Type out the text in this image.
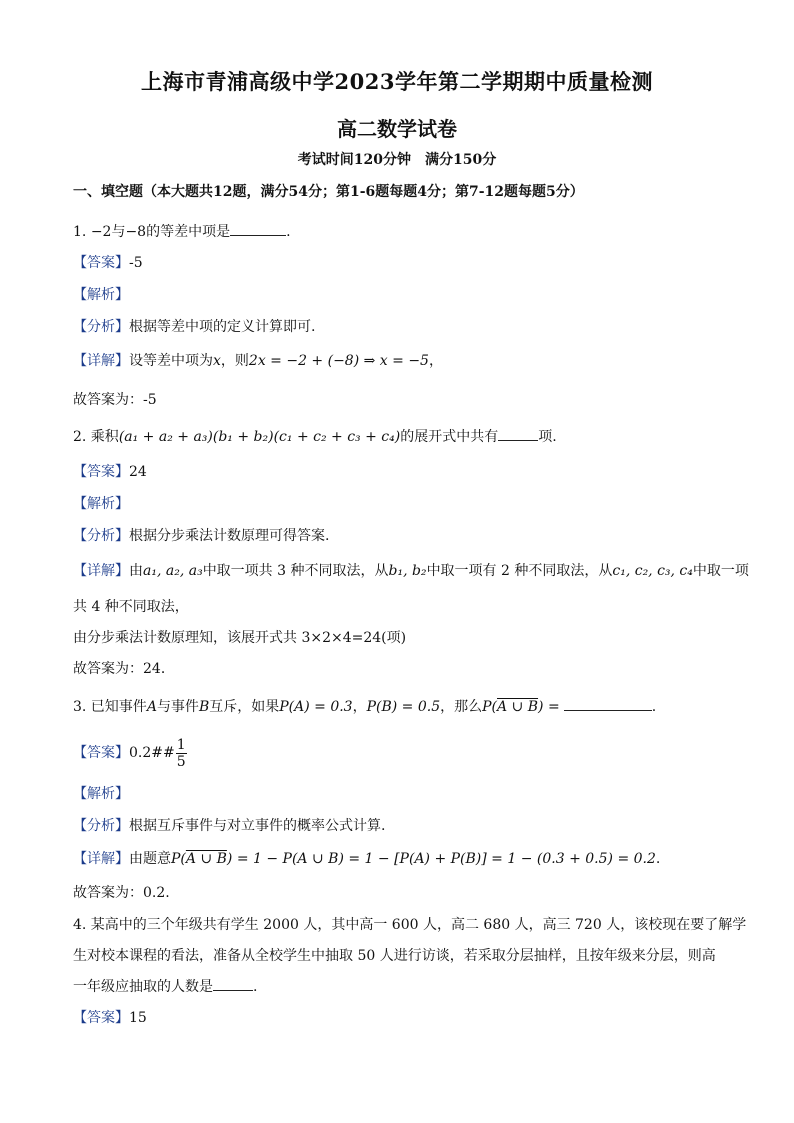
上海市青浦高级中学2023学年第二学期期中质量检测
高二数学试卷
考试时间120分钟　满分150分
一、填空题（本大题共12题，满分54分；第1-6题每题4分；第7-12题每题5分）
1. −2与−8的等差中项是	.
【答案】-5
【解析】
【分析】根据等差中项的定义计算即可.
【详解】设等差中项为x，则2x = −2 + (−8) ⇒ x = −5，
故答案为：-5
2. 乘积(a₁ + a₂ + a₃)(b₁ + b₂)(c₁ + c₂ + c₃ + c₄)的展开式中共有	项.
【答案】24
【解析】
【分析】根据分步乘法计数原理可得答案.
【详解】由a₁, a₂, a₃中取一项共 3 种不同取法，从b₁, b₂中取一项有 2 种不同取法，从c₁, c₂, c₃, c₄中取一项
共 4 种不同取法，
由分步乘法计数原理知，该展开式共 3×2×4=24(项)
故答案为：24．
3. 已知事件A与事件B互斥，如果P(A) = 0.3，P(B) = 0.5，那么P(A ∪ B) =	.
【答案】0.2## $\frac{1}{5}$
【解析】
【分析】根据互斥事件与对立事件的概率公式计算.
【详解】由题意P(A ∪ B) = 1 − P(A ∪ B) = 1 − [P(A) + P(B)] = 1 − (0.3 + 0.5) = 0.2.
故答案为：0.2.
4. 某高中的三个年级共有学生 2000 人，其中高一 600 人，高二 680 人，高三 720 人，该校现在要了解学
生对校本课程的看法，准备从全校学生中抽取 50 人进行访谈，若采取分层抽样，且按年级来分层，则高
一年级应抽取的人数是	.
【答案】15
